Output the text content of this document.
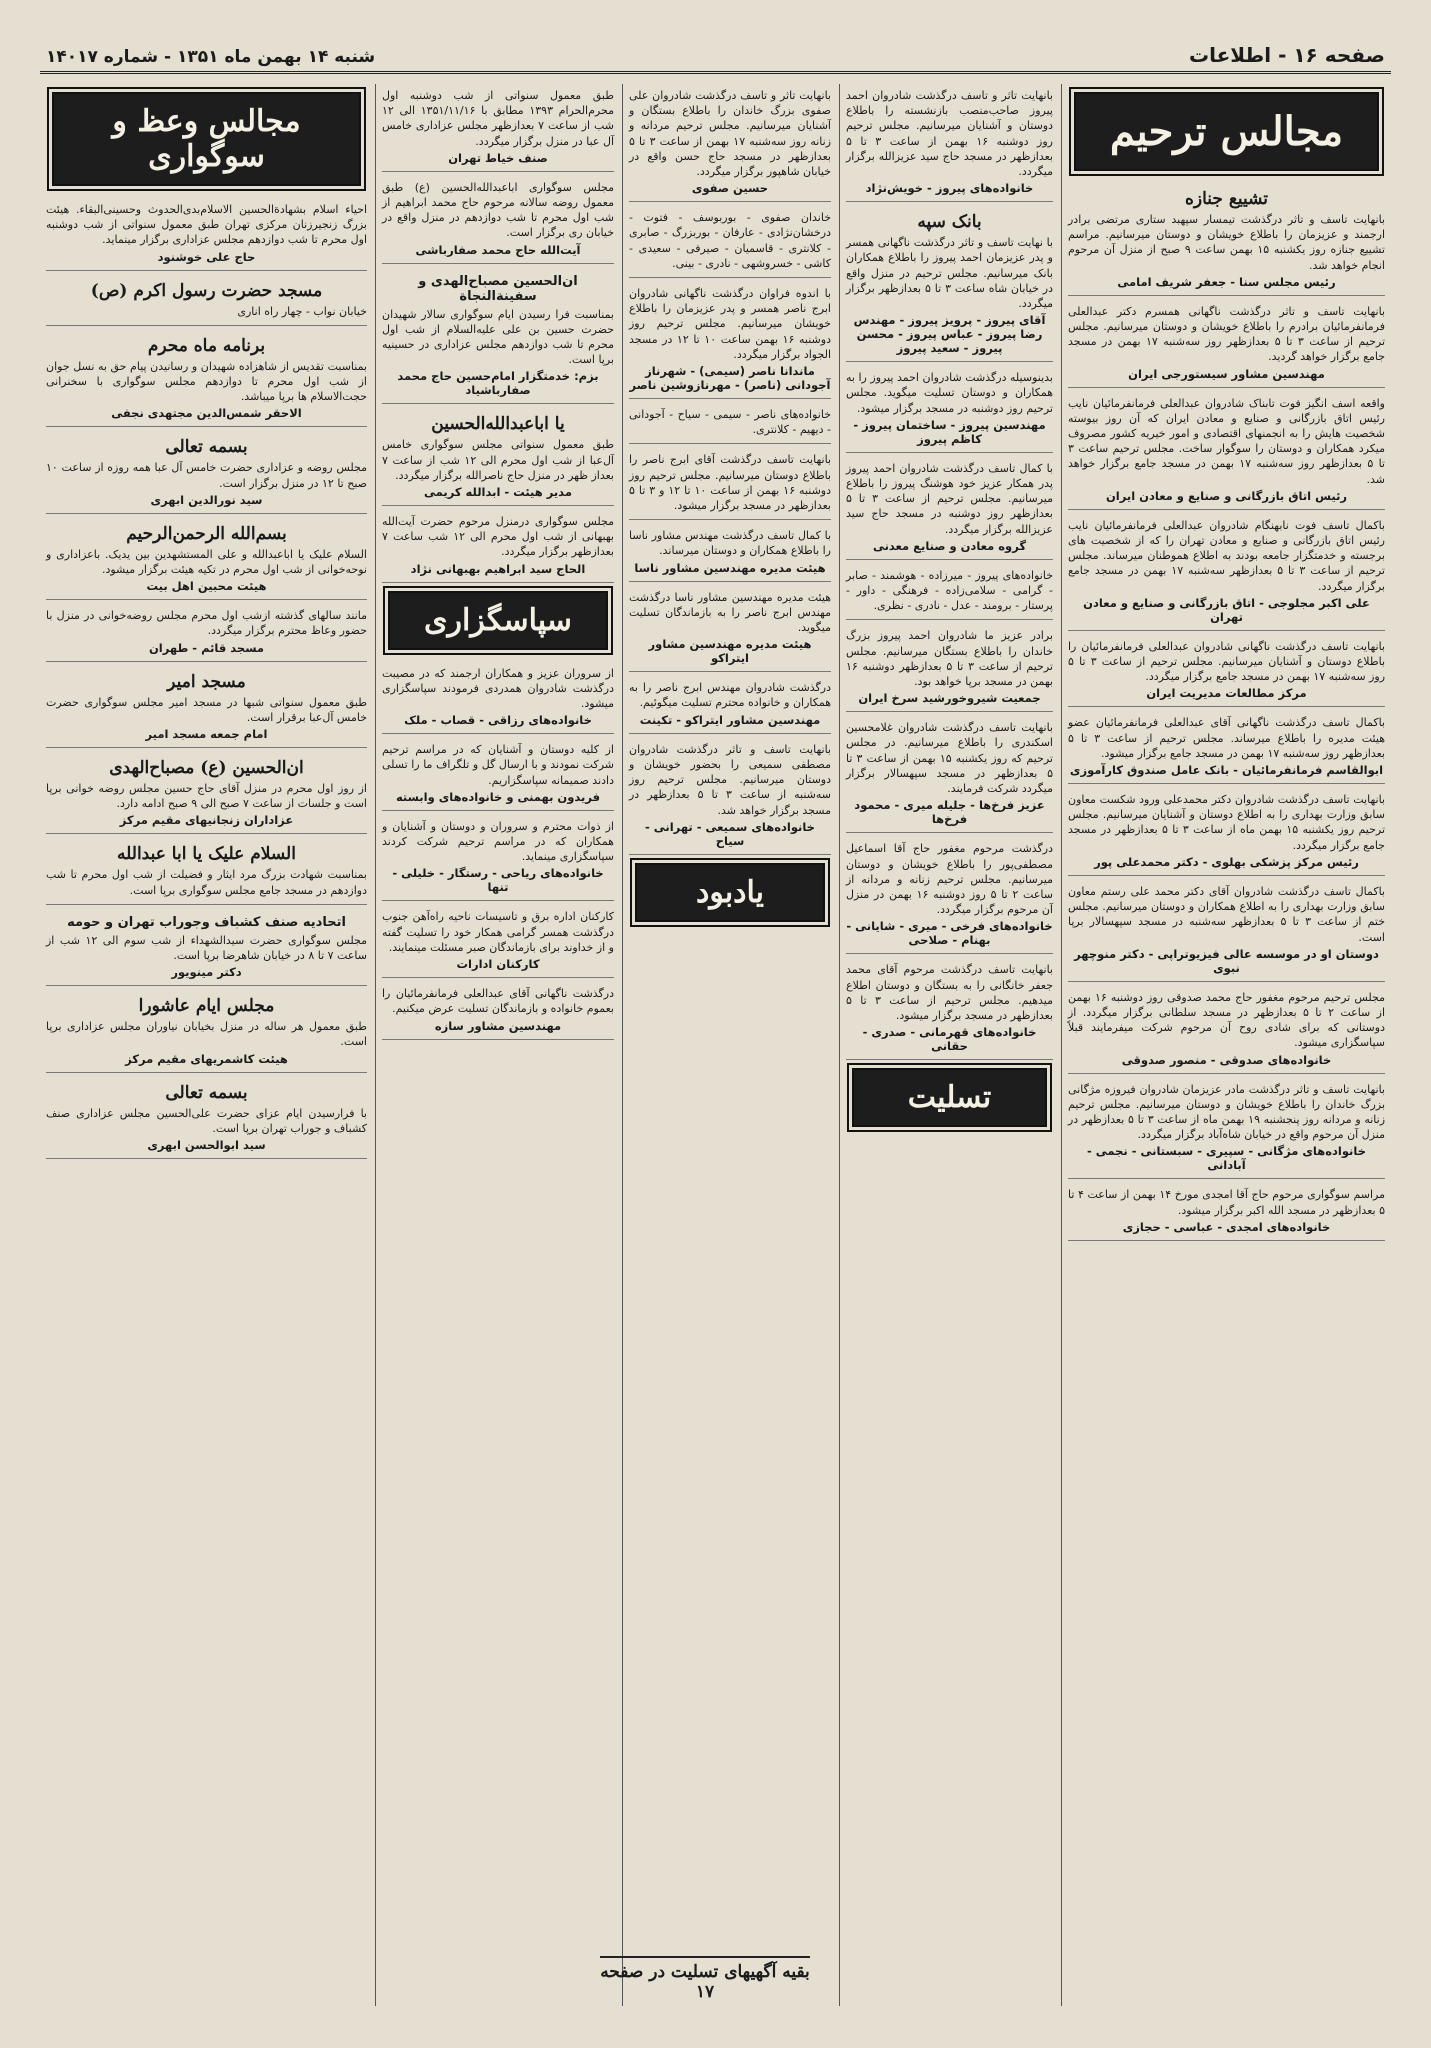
صفحه ۱۶ - اطلاعات
شنبه ۱۴ بهمن ماه ۱۳۵۱ - شماره ۱۴۰۱۷
مجالس ترحیم
تشییع جنازه
بانهایت تاسف و تاثر درگذشت تیمسار سپهبد ستاری مرتضی برادر ارجمند و عزیزمان را باطلاع خویشان و دوستان میرسانیم. مراسم تشییع جنازه روز یکشنبه ۱۵ بهمن ساعت ۹ صبح از منزل آن مرحوم انجام خواهد شد.
رئیس مجلس سنا - جعفر شریف امامی
بانهایت تاسف و تاثر درگذشت ناگهانی همسرم دکتر عبدالعلی فرمانفرمائیان برادرم را باطلاع خویشان و دوستان میرسانیم. مجلس ترحیم از ساعت ۳ تا ۵ بعدازظهر روز سه‌شنبه ۱۷ بهمن در مسجد جامع برگزار خواهد گردید.
مهندسین مشاور سیستورجی ایران
واقعه اسف انگیز فوت تابناک شادروان عبدالعلی فرمانفرمائیان نایب رئیس اتاق بازرگانی و صنایع و معادن ایران که آن روز بیوسته شخصیت هایش را به انجمنهای اقتصادی و امور خیریه کشور مصروف میکرد همکاران و دوستان را سوگوار ساخت. مجلس ترحیم ساعت ۳ تا ۵ بعدازظهر روز سه‌شنبه ۱۷ بهمن در مسجد جامع برگزار خواهد شد.
رئیس اتاق بازرگانی و صنایع و معادن ایران
باکمال تاسف فوت نابهنگام شادروان عبدالعلی فرمانفرمائیان نایب رئیس اتاق بازرگانی و صنایع و معادن تهران را که از شخصیت های برجسته و خدمتگزار جامعه بودند به اطلاع هموطنان میرساند. مجلس ترحیم از ساعت ۳ تا ۵ بعدازظهر سه‌شنبه ۱۷ بهمن در مسجد جامع برگزار میگردد.
علی اکبر مجلوجی - اتاق بازرگانی و صنایع و معادن تهران
بانهایت تاسف درگذشت ناگهانی شادروان عبدالعلی فرمانفرمائیان را باطلاع دوستان و آشنایان میرسانیم. مجلس ترحیم از ساعت ۳ تا ۵ روز سه‌شنبه ۱۷ بهمن در مسجد جامع برگزار میگردد.
مرکز مطالعات مدیریت ایران
باکمال تاسف درگذشت ناگهانی آقای عبدالعلی فرمانفرمائیان عضو هیئت مدیره را باطلاع میرساند. مجلس ترحیم از ساعت ۳ تا ۵ بعدازظهر روز سه‌شنبه ۱۷ بهمن در مسجد جامع برگزار میشود.
ابوالقاسم فرمانفرمائیان - بانک عامل صندوق کارآموزی
بانهایت تاسف درگذشت شادروان دکتر محمدعلی ورود شکست معاون سابق وزارت بهداری را به اطلاع دوستان و آشنایان میرسانیم. مجلس ترحیم روز یکشنبه ۱۵ بهمن ماه از ساعت ۳ تا ۵ بعدازظهر در مسجد جامع برگزار میگردد.
رئیس مرکز پزشکی بهلوی - دکتر محمدعلی پور
باکمال تاسف درگذشت شادروان آقای دکتر محمد علی رستم معاون سابق وزارت بهداری را به اطلاع همکاران و دوستان میرسانیم. مجلس ختم از ساعت ۳ تا ۵ بعدازظهر سه‌شنبه در مسجد سپهسالار برپا است.
دوستان او در موسسه عالی فیزیوتراپی - دکتر منوچهر نبوی
مجلس ترحیم مرحوم مغفور حاج محمد صدوقی روز دوشنبه ۱۶ بهمن از ساعت ۲ تا ۵ بعدازظهر در مسجد سلطانی برگزار میگردد. از دوستانی که برای شادی روح آن مرحوم شرکت میفرمایند قبلاً سپاسگزاری میشود.
خانواده‌های صدوقی - منصور صدوقی
بانهایت تاسف و تاثر درگذشت مادر عزیزمان شادروان فیروزه مژگانی بزرگ خاندان را باطلاع خویشان و دوستان میرسانیم. مجلس ترحیم زنانه و مردانه روز پنجشنبه ۱۹ بهمن ماه از ساعت ۳ تا ۵ بعدازظهر در منزل آن مرحوم واقع در خیابان شاه‌آباد برگزار میگردد.
خانواده‌های مژگانی - سپیری - سبستانی - نجمی - آبادانی
مراسم سوگواری مرحوم حاج آقا امجدی مورخ ۱۴ بهمن از ساعت ۴ تا ۵ بعدازظهر در مسجد الله اکبر برگزار میشود.
خانواده‌های امجدی - عباسی - حجازی
بانهایت تاثر و تاسف درگذشت شادروان احمد پیروز صاحب‌منصب بازنشسته را باطلاع دوستان و آشنایان میرسانیم. مجلس ترحیم روز دوشنبه ۱۶ بهمن از ساعت ۳ تا ۵ بعدازظهر در مسجد حاج سید عزیزالله برگزار میگردد.
خانواده‌های پیروز - خویش‌نژاد
بانک سپه
با نهایت تاسف و تاثر درگذشت ناگهانی همسر و پدر عزیزمان احمد پیروز را باطلاع همکاران بانک میرسانیم. مجلس ترحیم در منزل واقع در خیابان شاه ساعت ۳ تا ۵ بعدازظهر برگزار میگردد.
آقای پیروز - پرویز پیروز - مهندس رضا پیروز - عباس پیروز - محسن پیروز - سعید پیروز
بدینوسیله درگذشت شادروان احمد پیروز را به همکاران و دوستان تسلیت میگوید. مجلس ترحیم روز دوشنبه در مسجد برگزار میشود.
مهندسین پیروز - ساختمان پیروز - کاظم پیروز
با کمال تاسف درگذشت شادروان احمد پیروز پدر همکار عزیز خود هوشنگ پیروز را باطلاع میرسانیم. مجلس ترحیم از ساعت ۳ تا ۵ بعدازظهر روز دوشنبه در مسجد حاج سید عزیزالله برگزار میگردد.
گروه معادن و صنایع معدنی
خانواده‌های پیروز - میرزاده - هوشمند - صابر - گرامی - سلامی‌زاده - فرهنگی - داور - پرستار - برومند - عدل - نادری - نظری.
برادر عزیز ما شادروان احمد پیروز بزرگ خاندان را باطلاع بستگان میرسانیم. مجلس ترحیم از ساعت ۳ تا ۵ بعدازظهر دوشنبه ۱۶ بهمن در مسجد برپا خواهد بود.
جمعیت شیروخورشید سرخ ایران
بانهایت تاسف درگذشت شادروان غلامحسین اسکندری را باطلاع میرسانیم. در مجلس ترحیم که روز یکشنبه ۱۵ بهمن از ساعت ۳ تا ۵ بعدازظهر در مسجد سپهسالار برگزار میگردد شرکت فرمایند.
عزیز فرخ‌ها - جلیله میری - محمود فرخ‌ها
درگذشت مرحوم مغفور حاج آقا اسماعیل مصطفی‌پور را باطلاع خویشان و دوستان میرسانیم. مجلس ترحیم زنانه و مردانه از ساعت ۲ تا ۵ روز دوشنبه ۱۶ بهمن در منزل آن مرحوم برگزار میگردد.
خانواده‌های فرخی - میری - شایانی - بهنام - صلاحی
بانهایت تاسف درگذشت مرحوم آقای محمد جعفر خانگانی را به بستگان و دوستان اطلاع میدهیم. مجلس ترحیم از ساعت ۳ تا ۵ بعدازظهر در مسجد برگزار میشود.
خانواده‌های قهرمانی - صدری - حقانی
تسلیت
بانهایت تاثر و تاسف درگذشت شادروان علی صفوی بزرگ خاندان را باطلاع بستگان و آشنایان میرسانیم. مجلس ترحیم مردانه و زنانه روز سه‌شنبه ۱۷ بهمن از ساعت ۳ تا ۵ بعدازظهر در مسجد حاج حسن واقع در خیابان شاهپور برگزار میگردد.
حسین صفوی
خاندان صفوی - بوربوسف - فتوت - درخشان‌نژادی - عارفان - بوربزرگ - صابری - کلانتری - قاسمیان - صیرفی - سعیدی - کاشی - خسروشهی - نادری - بینی.
با اندوه فراوان درگذشت ناگهانی شادروان ابرج ناصر همسر و پدر عزیزمان را باطلاع خویشان میرسانیم. مجلس ترحیم روز دوشنبه ۱۶ بهمن ساعت ۱۰ تا ۱۲ در مسجد الجواد برگزار میگردد.
ماندانا ناصر (سیمی) - شهرناز آجودانی (ناصر) - مهرنازوشین ناصر
خانواده‌های ناصر - سیمی - سیاح - آجودانی - دیهیم - کلانتری.
بانهایت تاسف درگذشت آقای ابرج ناصر را باطلاع دوستان میرسانیم. مجلس ترحیم روز دوشنبه ۱۶ بهمن از ساعت ۱۰ تا ۱۲ و ۳ تا ۵ بعدازظهر در مسجد برگزار میشود.
با کمال تاسف درگذشت مهندس مشاور ناسا را باطلاع همکاران و دوستان میرساند.
هیئت مدیره مهندسین مشاور ناسا
هیئت مدیره مهندسین مشاور ناسا درگذشت مهندس ابرج ناصر را به بازماندگان تسلیت میگوید.
هیئت مدیره مهندسین مشاور ایتراکو
درگذشت شادروان مهندس ابرج ناصر را به همکاران و خانواده محترم تسلیت میگوئیم.
مهندسین مشاور ایتراکو - تکینت
بانهایت تاسف و تاثر درگذشت شادروان مصطفی سمیعی را بحضور خویشان و دوستان میرسانیم. مجلس ترحیم روز سه‌شنبه از ساعت ۳ تا ۵ بعدازظهر در مسجد برگزار خواهد شد.
خانواده‌های سمیعی - تهرانی - سیاح
یادبود
طبق معمول سنواتی از شب دوشنبه اول محرم‌الحرام ۱۳۹۳ مطابق با ۱۳۵۱/۱۱/۱۶ الی ۱۲ شب از ساعت ۷ بعدازظهر مجلس عزاداری خامس آل عبا در منزل برگزار میگردد.
صنف خیاط تهران
مجلس سوگواری اباعبدالله‌الحسین (ع) طبق معمول روضه سالانه مرحوم حاج محمد ابراهیم از شب اول محرم تا شب دوازدهم در منزل واقع در خیابان ری برگزار است.
آیت‌الله حاج محمد صفارباشی
ان‌الحسین مصباح‌الهدی و سفینةالنجاة
بمناسبت فرا رسیدن ایام سوگواری سالار شهیدان حضرت حسین بن علی علیه‌السلام از شب اول محرم تا شب دوازدهم مجلس عزاداری در حسینیه برپا است.
بزم: خدمتگزار امام‌حسین حاج محمد صفارباشیاد
یا اباعبدالله‌الحسین
طبق معمول سنواتی مجلس سوگواری خامس آل‌عبا از شب اول محرم الی ۱۲ شب از ساعت ۷ بعداز ظهر در منزل حاج ناصرالله برگزار میگردد.
مدیر هیئت - ابدالله کریمی
مجلس سوگواری درمنزل مرحوم حضرت آیت‌الله بهبهانی از شب اول محرم الی ۱۲ شب ساعت ۷ بعدازظهر برگزار میگردد.
الحاج سید ابراهیم بهبهانی نژاد
سپاسگزاری
از سروران عزیز و همکاران ارجمند که در مصیبت درگذشت شادروان همدردی فرمودند سپاسگزاری میشود.
خانواده‌های رزاقی - قصاب - ملک
از کلیه دوستان و آشنایان که در مراسم ترحیم شرکت نمودند و با ارسال گل و تلگراف ما را تسلی دادند صمیمانه سپاسگزاریم.
فریدون بهمنی و خانواده‌های وابسته
از ذوات محترم و سروران و دوستان و آشنایان و همکاران که در مراسم ترحیم شرکت کردند سپاسگزاری مینماید.
خانواده‌های ریاحی - رستگار - خلیلی - تنها
کارکنان اداره برق و تاسیسات ناحیه راه‌آهن جنوب درگذشت همسر گرامی همکار خود را تسلیت گفته و از خداوند برای بازماندگان صبر مسئلت مینمایند.
کارکنان ادارات
درگذشت ناگهانی آقای عبدالعلی فرمانفرمائیان را بعموم خانواده و بازماندگان تسلیت عرض میکنیم.
مهندسین مشاور سازه
مجالس وعظ و سوگواری
احیاء اسلام بشهادة‌الحسین الاسلام‌بدی‌الحدوث وحسینی‌البقاء. هیئت بزرگ زنجیرزنان مرکزی تهران طبق معمول سنواتی از شب دوشنبه اول محرم تا شب دوازدهم مجلس عزاداری برگزار مینماید.
حاج علی خوشنود
مسجد حضرت رسول اکرم (ص)
خیابان نواب - چهار راه اناری
برنامه ماه محرم
بمناسبت تقدیس از شاهزاده شهیدان و رسانیدن پیام حق به نسل جوان از شب اول محرم تا دوازدهم مجلس سوگواری با سخنرانی حجت‌الاسلام ‌ها برپا میباشد.
الاحقر شمس‌الدین مجتهدی نجفی
بسمه تعالی
مجلس روضه و عزاداری حضرت خامس آل عبا همه روزه از ساعت ۱۰ صبح تا ۱۲ در منزل برگزار است.
سید نورالدین ابهری
بسم‌الله الرحمن‌الرحیم
السلام علیک یا اباعبدالله و علی المستشهدین بین یدیک. باعزاداری و نوحه‌خوانی از شب اول محرم در تکیه هیئت برگزار میشود.
هیئت محبین اهل بیت
مانند سالهای گذشته ازشب اول محرم مجلس روضه‌خوانی در منزل با حضور وعاظ محترم برگزار میگردد.
مسجد قائم - طهران
مسجد امیر
طبق معمول سنواتی شبها در مسجد امیر مجلس سوگواری حضرت خامس آل‌عبا برقرار است.
امام جمعه مسجد امیر
ان‌الحسین (ع) مصباح‌الهدی
از روز اول محرم در منزل آقای حاج حسین مجلس روضه خوانی برپا است و جلسات از ساعت ۷ صبح الی ۹ صبح ادامه دارد.
عزاداران زنجانیهای مقیم مرکز
السلام علیک یا ابا عبدالله
بمناسبت شهادت بزرگ مرد ایثار و فضیلت از شب اول محرم تا شب دوازدهم در مسجد جامع مجلس سوگواری برپا است.
اتحادیه صنف کشباف وجوراب تهران و حومه
مجلس سوگواری حضرت سیدالشهداء از شب سوم الی ۱۲ شب از ساعت ۷ تا ۸ در خیابان شاهرضا برپا است.
دکتر مینویور
مجلس ایام عاشورا
طبق معمول هر ساله در منزل بخیابان نیاوران مجلس عزاداری برپا است.
هیئت کاشمریهای مقیم مرکز
بسمه تعالی
با فرارسیدن ایام عزای حضرت علی‌الحسین مجلس عزاداری صنف کشباف و جوراب تهران برپا است.
سید ابوالحسن ابهری
بقیه آگهیهای تسلیت در صفحه ۱۷
